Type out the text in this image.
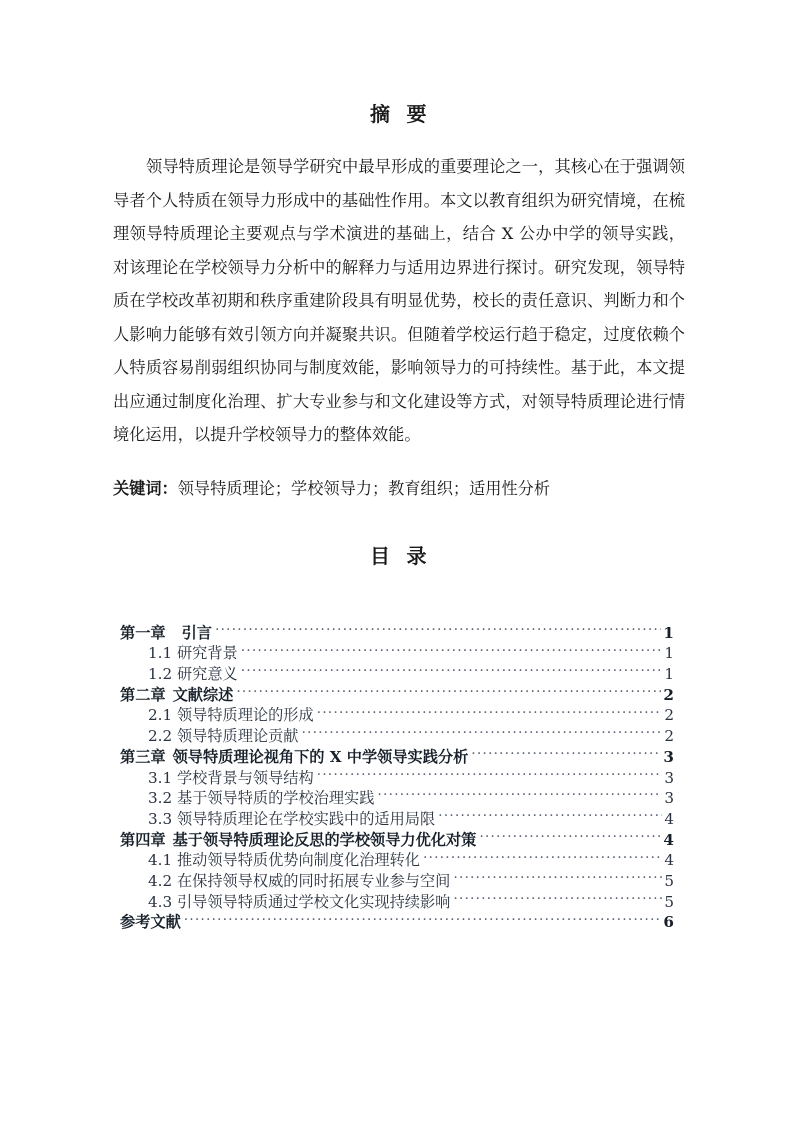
摘 要
领导特质理论是领导学研究中最早形成的重要理论之一，其核心在于强调领导者个人特质在领导力形成中的基础性作用。本文以教育组织为研究情境，在梳理领导特质理论主要观点与学术演进的基础上，结合 X 公办中学的领导实践，对该理论在学校领导力分析中的解释力与适用边界进行探讨。研究发现，领导特质在学校改革初期和秩序重建阶段具有明显优势，校长的责任意识、判断力和个人影响力能够有效引领方向并凝聚共识。但随着学校运行趋于稳定，过度依赖个人特质容易削弱组织协同与制度效能，影响领导力的可持续性。基于此，本文提出应通过制度化治理、扩大专业参与和文化建设等方式，对领导特质理论进行情境化运用，以提升学校领导力的整体效能。
关键词：领导特质理论；学校领导力；教育组织；适用性分析
目 录
第一章 引言 .....	1
1.1 研究背景 .....	1
1.2 研究意义 .....	1
第二章 文献综述 .....	2
2.1 领导特质理论的形成 .....	2
2.2 领导特质理论贡献 .....	2
第三章 领导特质理论视角下的 X 中学领导实践分析 .....	3
3.1 学校背景与领导结构 .....	3
3.2 基于领导特质的学校治理实践 .....	3
3.3 领导特质理论在学校实践中的适用局限 .....	4
第四章 基于领导特质理论反思的学校领导力优化对策 .....	4
4.1 推动领导特质优势向制度化治理转化 .....	4
4.2 在保持领导权威的同时拓展专业参与空间 .....	5
4.3 引导领导特质通过学校文化实现持续影响 .....	5
参考文献 .....	6
